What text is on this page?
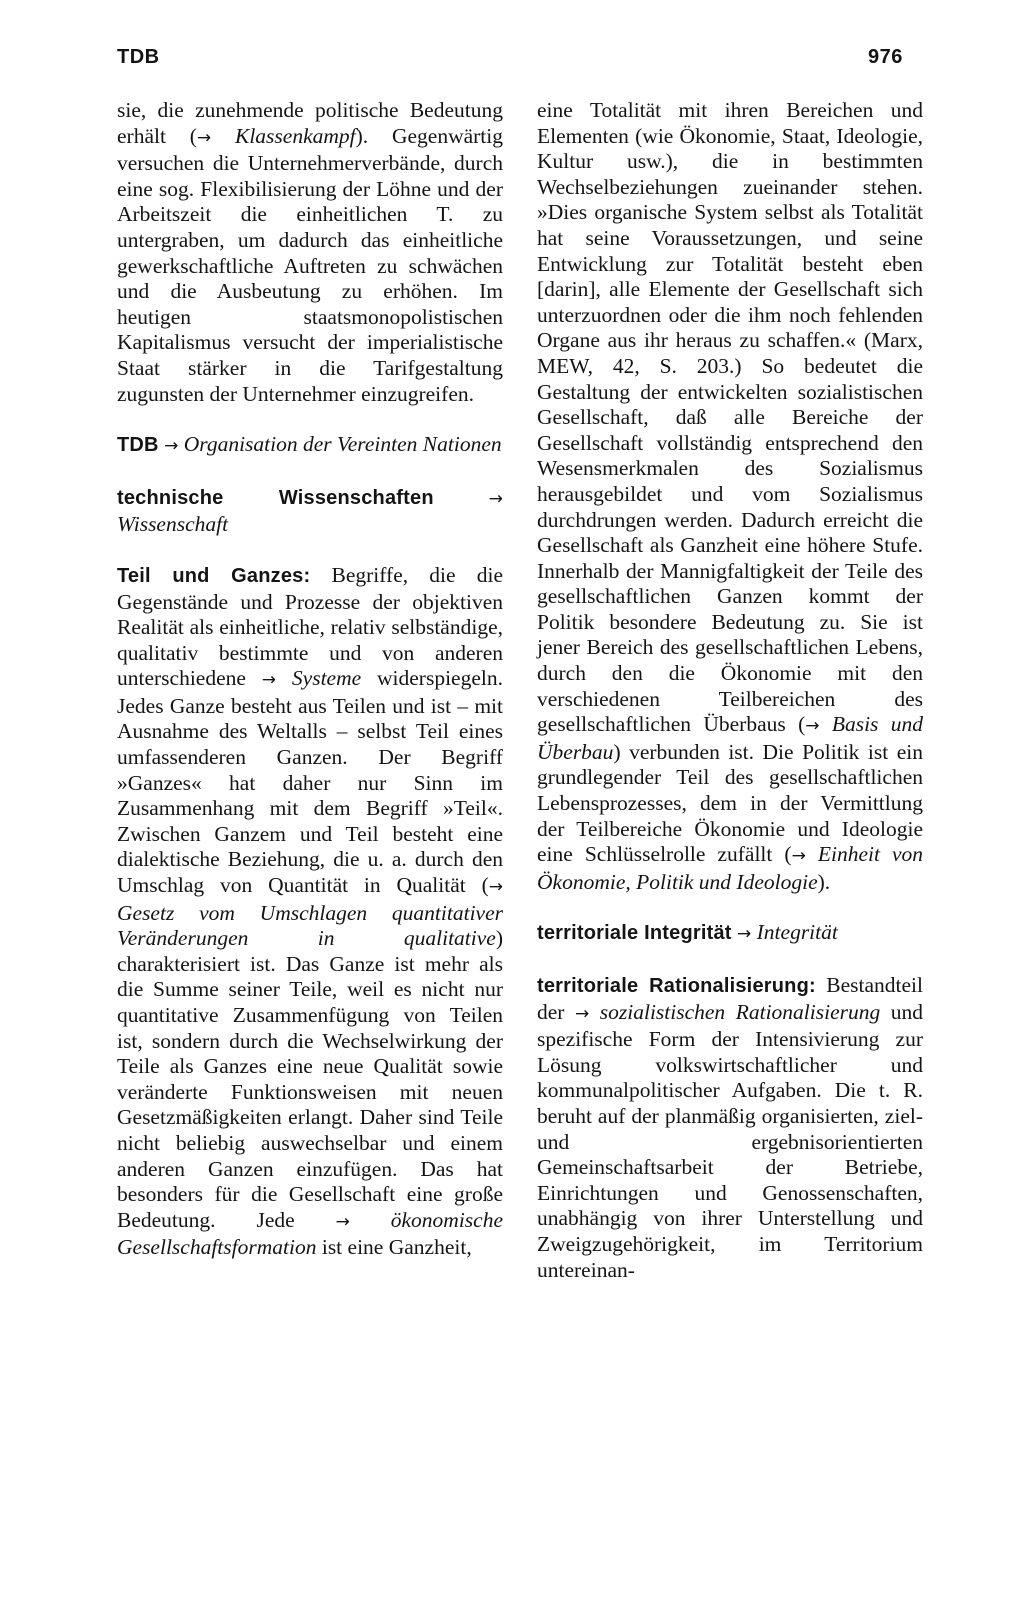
TDB	976

sie, die zunehmende politische Bedeutung erhält (→ Klassenkampf). Gegenwärtig versuchen die Unternehmerverbände, durch eine sog. Flexibilisierung der Löhne und der Arbeitszeit die einheitlichen T. zu untergraben, um dadurch das einheitliche gewerkschaftliche Auftreten zu schwächen und die Ausbeutung zu erhöhen. Im heutigen staatsmonopolistischen Kapitalismus versucht der imperialistische Staat stärker in die Tarifgestaltung zugunsten der Unternehmer einzugreifen.

TDB → Organisation der Vereinten Nationen

technische Wissenschaften	→ Wissenschaft

Teil und Ganzes: Begriffe, die die Gegenstände und Prozesse der objektiven Realität als einheitliche, relativ selbständige, qualitativ bestimmte und von anderen unterschiedene → Systeme widerspiegeln. Jedes Ganze besteht aus Teilen und ist – mit Ausnahme des Weltalls – selbst Teil eines umfassenderen Ganzen. Der Begriff »Ganzes« hat daher nur Sinn im Zusammenhang mit dem Begriff »Teil«. Zwischen Ganzem und Teil besteht eine dialektische Beziehung, die u. a. durch den Umschlag von Quantität in Qualität (→ Gesetz vom Umschlagen quantitativer Veränderungen in qualitative) charakterisiert ist. Das Ganze ist mehr als die Summe seiner Teile, weil es nicht nur quantitative Zusammenfügung von Teilen ist, sondern durch die Wechselwirkung der Teile als Ganzes eine neue Qualität sowie veränderte Funktionsweisen mit neuen Gesetzmäßigkeiten erlangt. Daher sind Teile nicht beliebig auswechselbar und einem anderen Ganzen einzufügen. Das hat besonders für die Gesellschaft eine große Bedeutung. Jede → ökonomische Gesellschaftsformation ist eine Ganzheit,

eine Totalität mit ihren Bereichen und Elementen (wie Ökonomie, Staat, Ideologie, Kultur usw.), die in bestimmten Wechselbeziehungen zueinander stehen. »Dies organische System selbst als Totalität hat seine Voraussetzungen, und seine Entwicklung zur Totalität besteht eben [darin], alle Elemente der Gesellschaft sich unterzuordnen oder die ihm noch fehlenden Organe aus ihr heraus zu schaffen.« (Marx, MEW, 42, S. 203.) So bedeutet die Gestaltung der entwickelten sozialistischen Gesellschaft, daß alle Bereiche der Gesellschaft vollständig entsprechend den Wesensmerkmalen des Sozialismus herausgebildet und vom Sozialismus durchdrungen werden. Dadurch erreicht die Gesellschaft als Ganzheit eine höhere Stufe. Innerhalb der Mannigfaltigkeit der Teile des gesellschaftlichen Ganzen kommt der Politik besondere Bedeutung zu. Sie ist jener Bereich des gesellschaftlichen Lebens, durch den die Ökonomie mit den verschiedenen Teilbereichen des gesellschaftlichen Überbaus (→ Basis und Überbau) verbunden ist. Die Politik ist ein grundlegender Teil des gesellschaftlichen Lebensprozesses, dem in der Vermittlung der Teilbereiche Ökonomie und Ideologie eine Schlüsselrolle zufällt (→ Einheit von Ökonomie, Politik und Ideologie).

territoriale Integrität → Integrität

territoriale Rationalisierung: Bestandteil der → sozialistischen Rationalisierung und spezifische Form der Intensivierung zur Lösung volkswirtschaftlicher und kommunalpolitischer Aufgaben. Die t. R. beruht auf der planmäßig organisierten, ziel- und ergebnisorientierten Gemeinschaftsarbeit der Betriebe, Einrichtungen und Genossenschaften, unabhängig von ihrer Unterstellung und Zweigzugehörigkeit, im Territorium untereinan-
